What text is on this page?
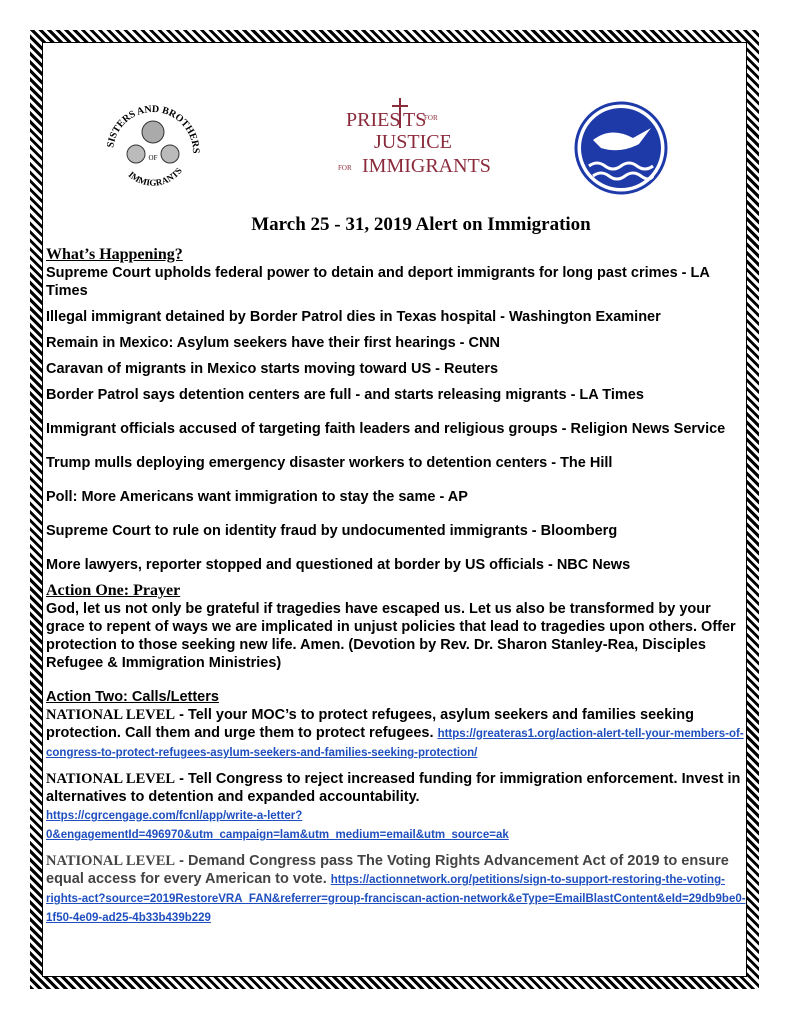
SISTERS AND BROTHERS
IMMIGRANTS
OF
PRIES TS
FOR
JUSTICE
FOR IMMIGRANTS
March 25 - 31, 2019 Alert on Immigration
What’s Happening?
Supreme Court upholds federal power to detain and deport immigrants for long past crimes - LA Times
Illegal immigrant detained by Border Patrol dies in Texas hospital - Washington Examiner
Remain in Mexico: Asylum seekers have their first hearings - CNN
Caravan of migrants in Mexico starts moving toward US - Reuters
Border Patrol says detention centers are full - and starts releasing migrants - LA Times
Immigrant officials accused of targeting faith leaders and religious groups - Religion News Service
Trump mulls deploying emergency disaster workers to detention centers - The Hill
Poll: More Americans want immigration to stay the same - AP
Supreme Court to rule on identity fraud by undocumented immigrants - Bloomberg
More lawyers, reporter stopped and questioned at border by US officials - NBC News
Action One: Prayer
God, let us not only be grateful if tragedies have escaped us. Let us also be transformed by your grace to repent of ways we are implicated in unjust policies that lead to tragedies upon others. Offer protection to those seeking new life. Amen. (Devotion by Rev. Dr. Sharon Stanley-Rea, Disciples Refugee & Immigration Ministries)
Action Two: Calls/Letters
NATIONAL LEVEL - Tell your MOC’s to protect refugees, asylum seekers and families seeking protection. Call them and urge them to protect refugees. https://greateras1.org/action-alert-tell-your-members-of-congress-to-protect-refugees-asylum-seekers-and-families-seeking-protection/
NATIONAL LEVEL - Tell Congress to reject increased funding for immigration enforcement. Invest in alternatives to detention and expanded accountability.
https://cgrcengage.com/fcnl/app/write-a-letter?0&engagementId=496970&utm_campaign=lam&utm_medium=email&utm_source=ak
NATIONAL LEVEL - Demand Congress pass The Voting Rights Advancement Act of 2019 to ensure equal access for every American to vote. https://actionnetwork.org/petitions/sign-to-support-restoring-the-voting-rights-act?source=2019RestoreVRA_FAN&referrer=group-franciscan-action-network&eType=EmailBlastContent&eId=29db9be0-1f50-4e09-ad25-4b33b439b229
